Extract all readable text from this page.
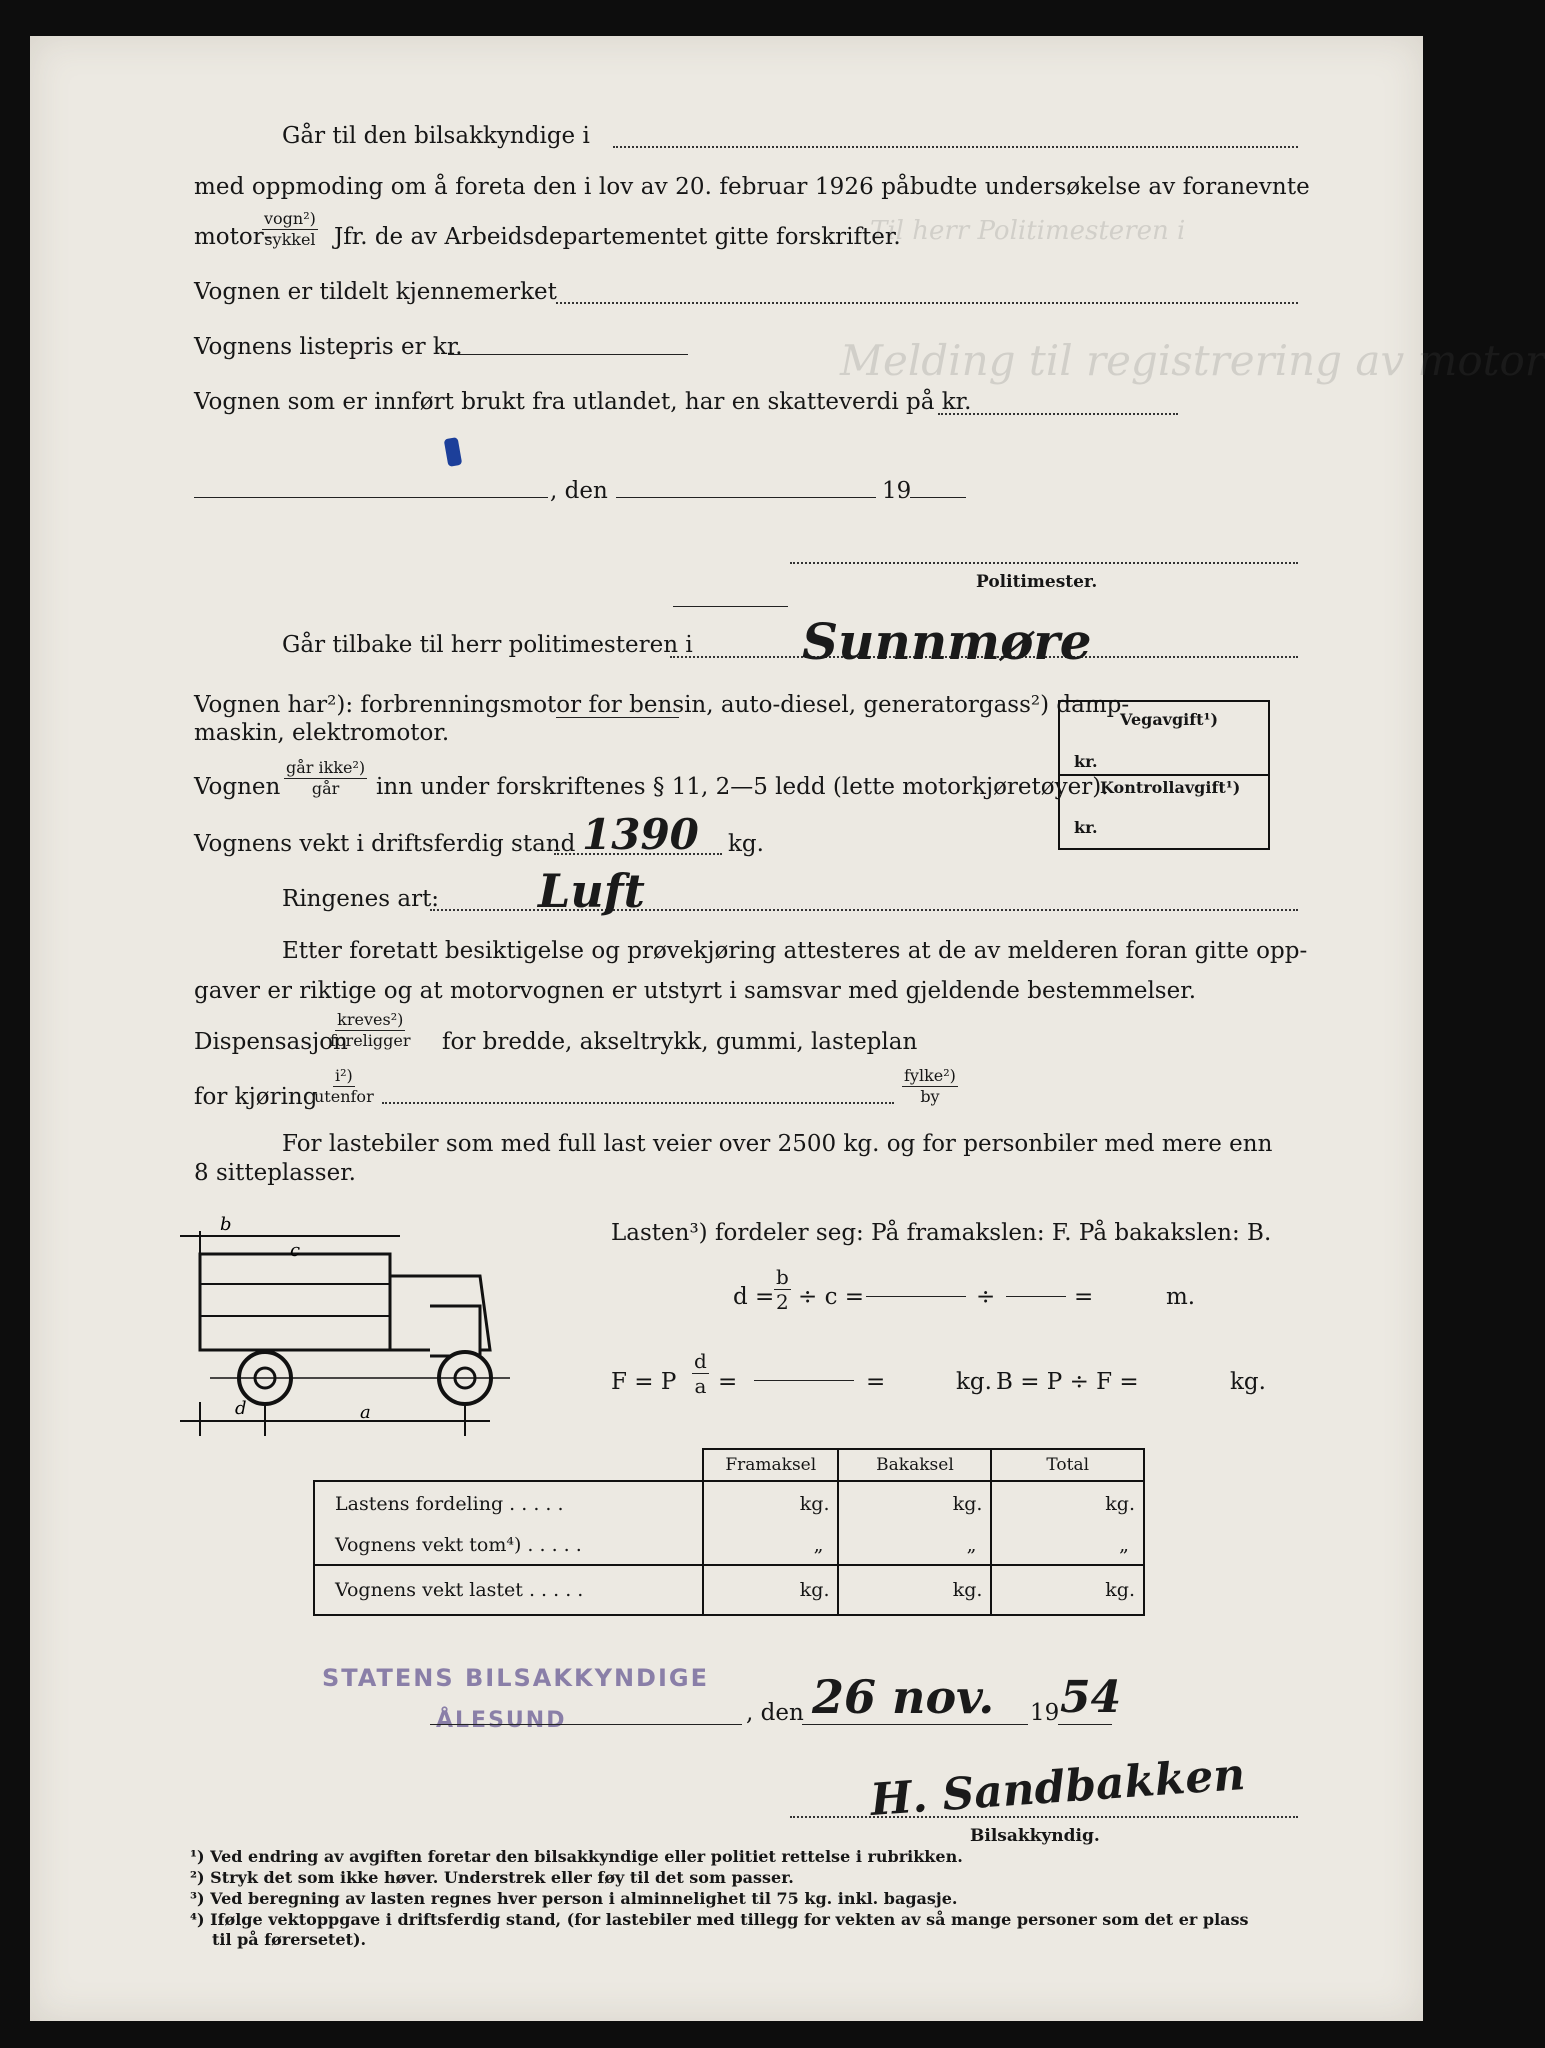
Melding til registrering av motor
Til herr Politimesteren i
Går til den bilsakkyndige i
med oppmoding om å foreta den i lov av 20. februar 1926 påbudte undersøkelse av foranevnte
motor-
vogn²)
sykkel Jfr. de av Arbeidsdepartementet gitte forskrifter.
Vognen er tildelt kjennemerket
Vognens listepris er kr.
Vognen som er innført brukt fra utlandet, har en skatteverdi på kr.
, den	19
Politimester.
Går tilbake til herr politimesteren i Sunnmøre
Vognen har²): forbrenningsmotor for bensin, auto-diesel, generatorgass²) damp-
maskin, elektromotor.
Vognen
går ikke²)
går inn under forskriftenes § 11, 2—5 ledd (lette motorkjøretøyer).
Vognens vekt i driftsferdig stand 1390 kg.
Ringenes art: Luft
Vegavgift¹)
kr.
Kontrollavgift¹)
kr.
Etter foretatt besiktigelse og prøvekjøring attesteres at de av melderen foran gitte opp-
gaver er riktige og at motorvognen er utstyrt i samsvar med gjeldende bestemmelser.
Dispensasjon
kreves²)
foreligger for bredde, akseltrykk, gummi, lasteplan
for kjøring
i²)
utenfor
fylke²)
by
For lastebiler som med full last veier over 2500 kg. og for personbiler med mere enn
8 sitteplasser.
b
c
d	a
Lasten³) fordeler seg: På framakslen: F. På bakakslen: B.
$d = \frac{b}{2} \div c$ =	÷	=	m.
F = P $\frac{d}{a}$ =	=	kg. B = P ÷ F =	kg.
	Framaksel	Bakaksel	Total
Lastens fordeling . . . . .	kg.	kg.	kg.
Vognens vekt tom⁴) . . . . .	„	„	„
Vognens vekt lastet . . . . .	kg.	kg.	kg.
STATENS BILSAKKYNDIGE
ÅLESUND	, den 26 nov. 19 54
H. Sandbakken
Bilsakkyndig.
¹) Ved endring av avgiften foretar den bilsakkyndige eller politiet rettelse i rubrikken.
²) Stryk det som ikke høver. Understrek eller føy til det som passer.
³) Ved beregning av lasten regnes hver person i alminnelighet til 75 kg. inkl. bagasje.
⁴) Ifølge vektoppgave i driftsferdig stand, (for lastebiler med tillegg for vekten av så mange personer som det er plass
til på førersetet).
